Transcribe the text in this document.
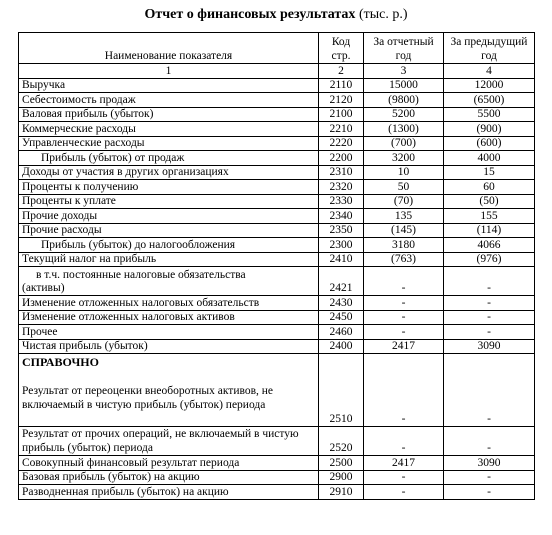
Отчет о финансовых результатах (тыс. р.)
Наименование показателя	Код стр.	За отчетный год	За предыдущий год
1	2	3	4
Выручка	2110	15000	12000
Себестоимость продаж	2120	(9800)	(6500)
Валовая прибыль (убыток)	2100	5200	5500
Коммерческие расходы	2210	(1300)	(900)
Управленческие расходы	2220	(700)	(600)
Прибыль (убыток) от продаж	2200	3200	4000
Доходы от участия в других организациях	2310	10	15
Проценты к получению	2320	50	60
Проценты к уплате	2330	(70)	(50)
Прочие доходы	2340	135	155
Прочие расходы	2350	(145)	(114)
Прибыль (убыток) до налогообложения	2300	3180	4066
Текущий налог на прибыль	2410	(763)	(976)

в т.ч. постоянные налоговые обязательства
(активы)	2421	-	-
Изменение отложенных налоговых обязательств	2430	-	-
Изменение отложенных налоговых активов	2450	-	-
Прочее	2460	-	-
Чистая прибыль (убыток)	2400	2417	3090

СПРАВОЧНО
Результат от переоценки внеоборотных активов, не включаемый в чистую прибыль (убыток) периода	2510	-	-
Результат от прочих операций, не включаемый в чистую прибыль (убыток) периода	2520	-	-
Совокупный финансовый результат периода	2500	2417	3090
Базовая прибыль (убыток) на акцию	2900	-	-
Разводненная прибыль (убыток) на акцию	2910	-	-
